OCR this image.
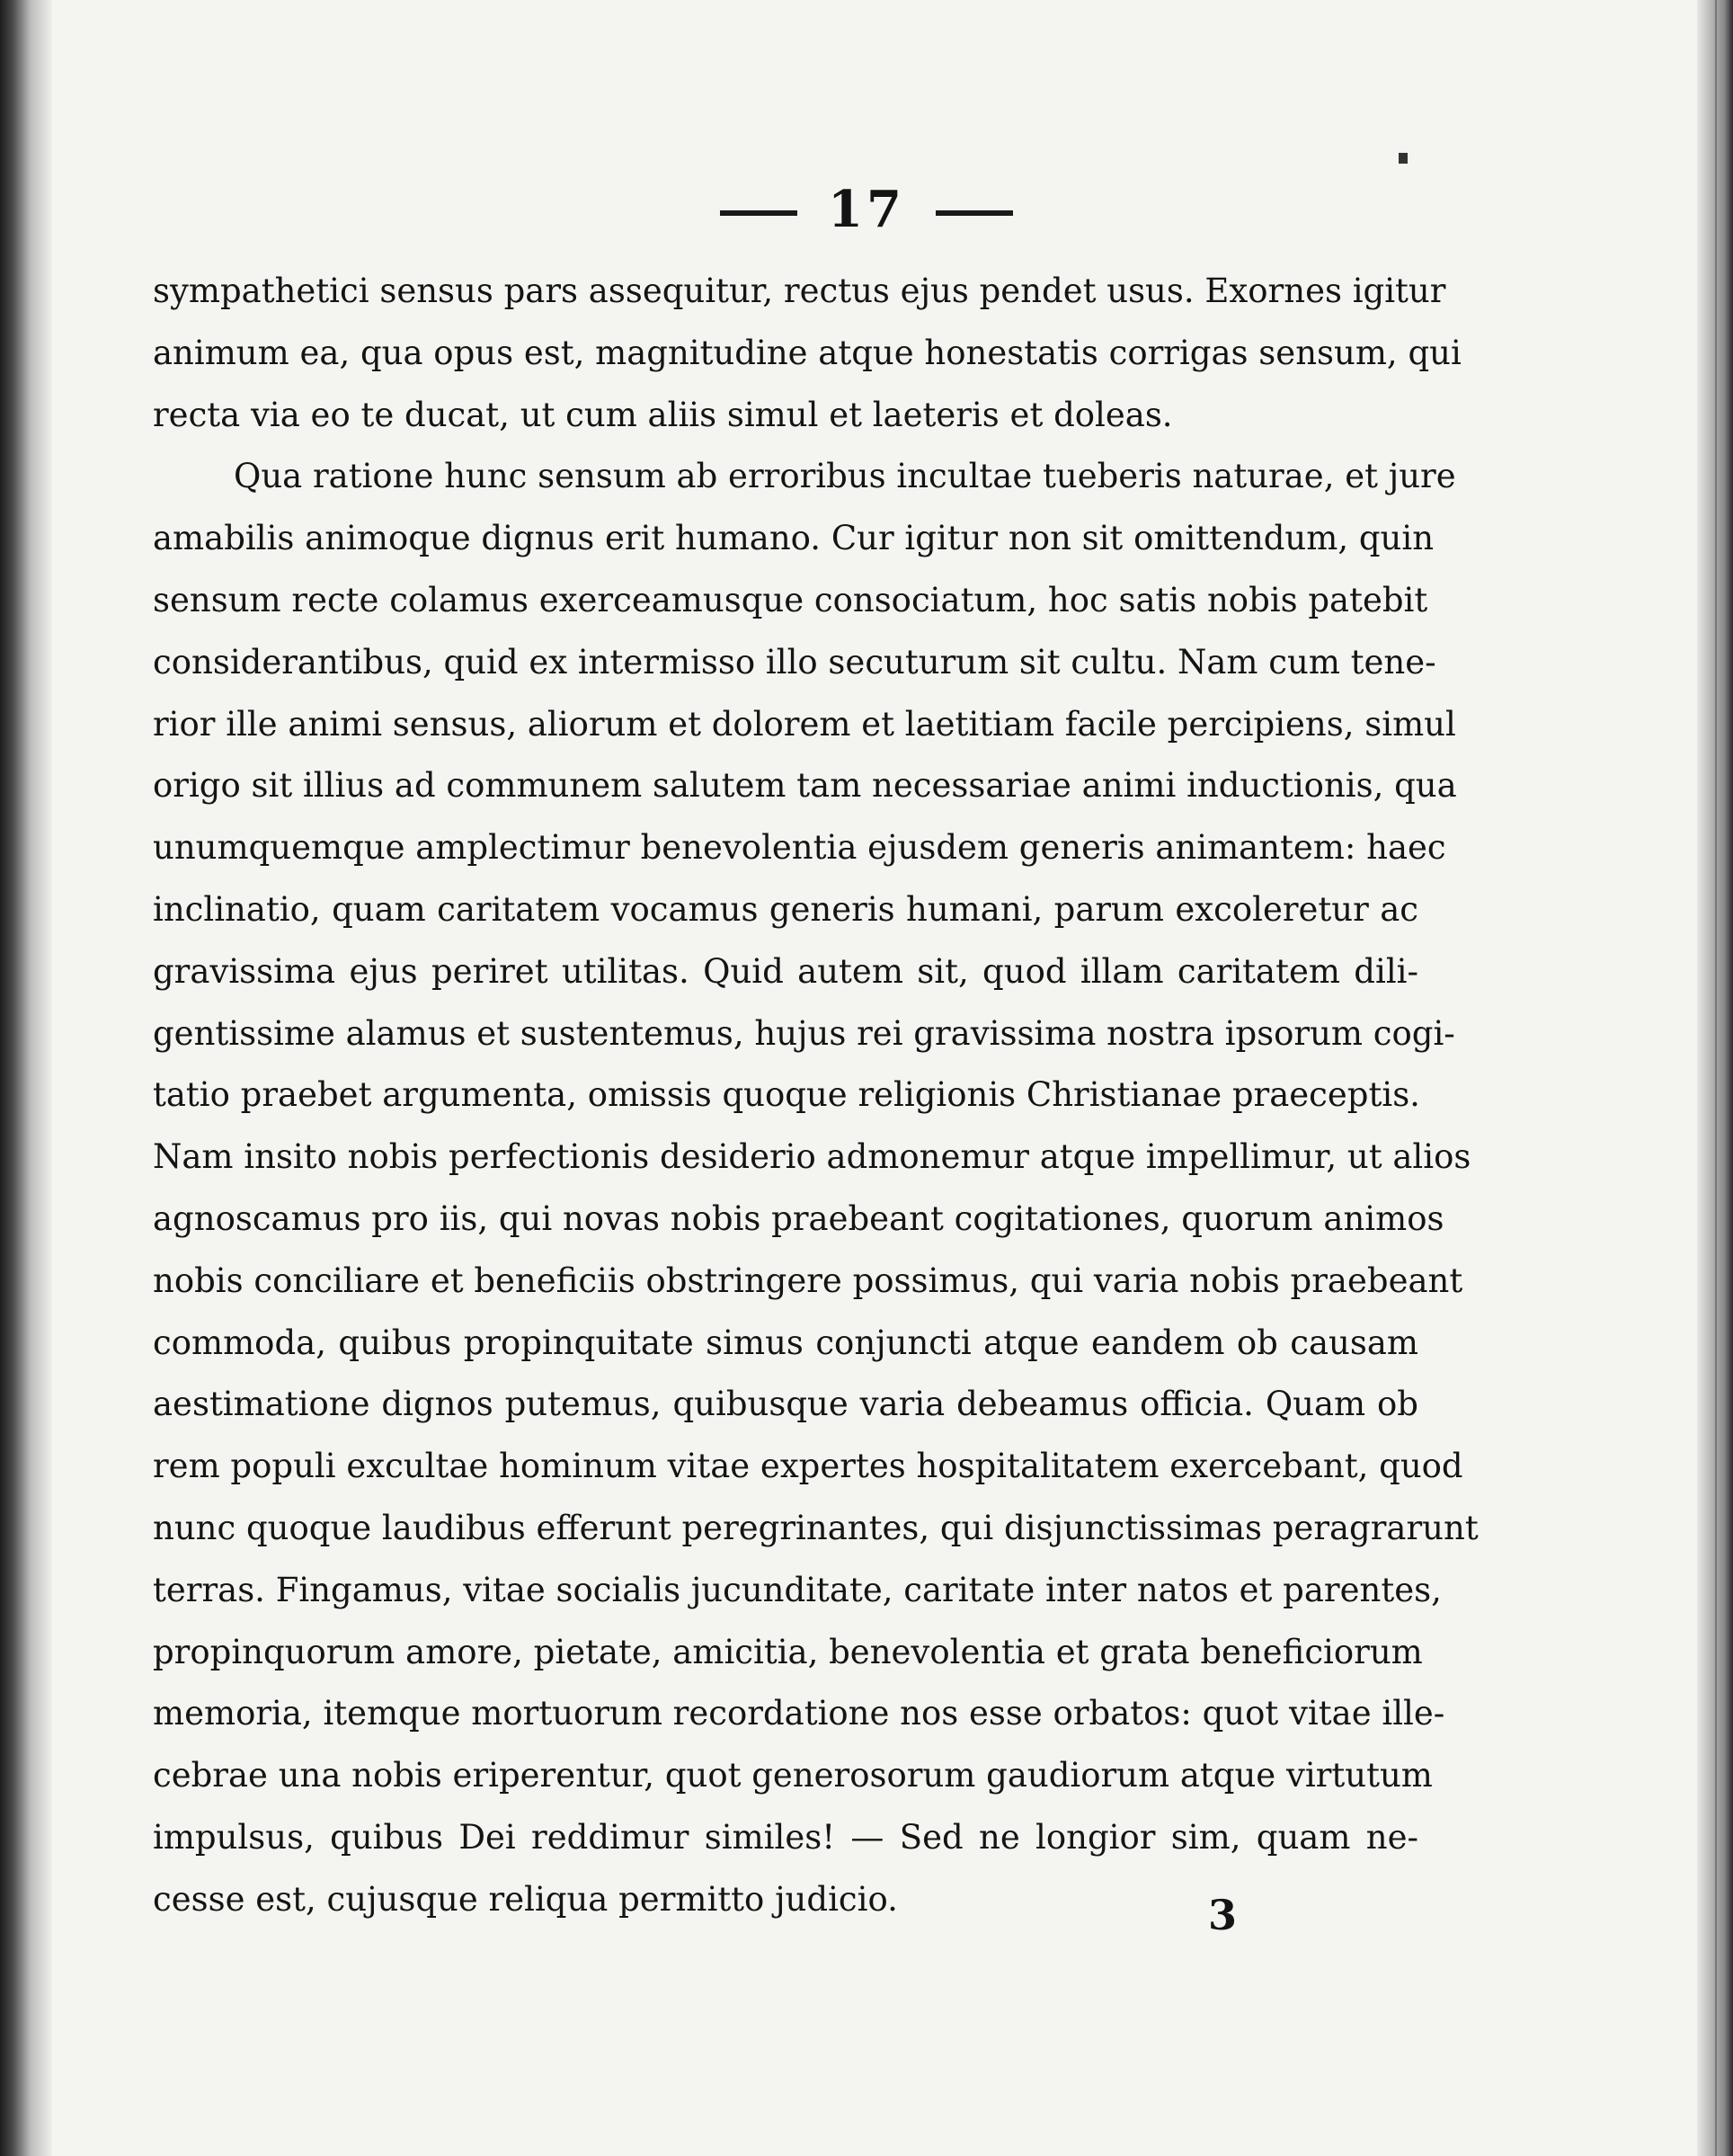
17
sympathetici sensus pars assequitur, rectus ejus pendet usus. Exornes igitur
animum ea, qua opus est, magnitudine atque honestatis corrigas sensum, qui
recta via eo te ducat, ut cum aliis simul et laeteris et doleas.
Qua ratione hunc sensum ab erroribus incultae tueberis naturae, et jure
amabilis animoque dignus erit humano. Cur igitur non sit omittendum, quin
sensum recte colamus exerceamusque consociatum, hoc satis nobis patebit
considerantibus, quid ex intermisso illo secuturum sit cultu. Nam cum tene-
rior ille animi sensus, aliorum et dolorem et laetitiam facile percipiens, simul
origo sit illius ad communem salutem tam necessariae animi inductionis, qua
unumquemque amplectimur benevolentia ejusdem generis animantem: haec
inclinatio, quam caritatem vocamus generis humani, parum excoleretur ac
gravissima ejus periret utilitas. Quid autem sit, quod illam caritatem dili-
gentissime alamus et sustentemus, hujus rei gravissima nostra ipsorum cogi-
tatio praebet argumenta, omissis quoque religionis Christianae praeceptis.
Nam insito nobis perfectionis desiderio admonemur atque impellimur, ut alios
agnoscamus pro iis, qui novas nobis praebeant cogitationes, quorum animos
nobis conciliare et beneficiis obstringere possimus, qui varia nobis praebeant
commoda, quibus propinquitate simus conjuncti atque eandem ob causam
aestimatione dignos putemus, quibusque varia debeamus officia. Quam ob
rem populi excultae hominum vitae expertes hospitalitatem exercebant, quod
nunc quoque laudibus efferunt peregrinantes, qui disjunctissimas peragrarunt
terras. Fingamus, vitae socialis jucunditate, caritate inter natos et parentes,
propinquorum amore, pietate, amicitia, benevolentia et grata beneficiorum
memoria, itemque mortuorum recordatione nos esse orbatos: quot vitae ille-
cebrae una nobis eriperentur, quot generosorum gaudiorum atque virtutum
impulsus, quibus Dei reddimur similes! — Sed ne longior sim, quam ne-
cesse est, cujusque reliqua permitto judicio.	3
